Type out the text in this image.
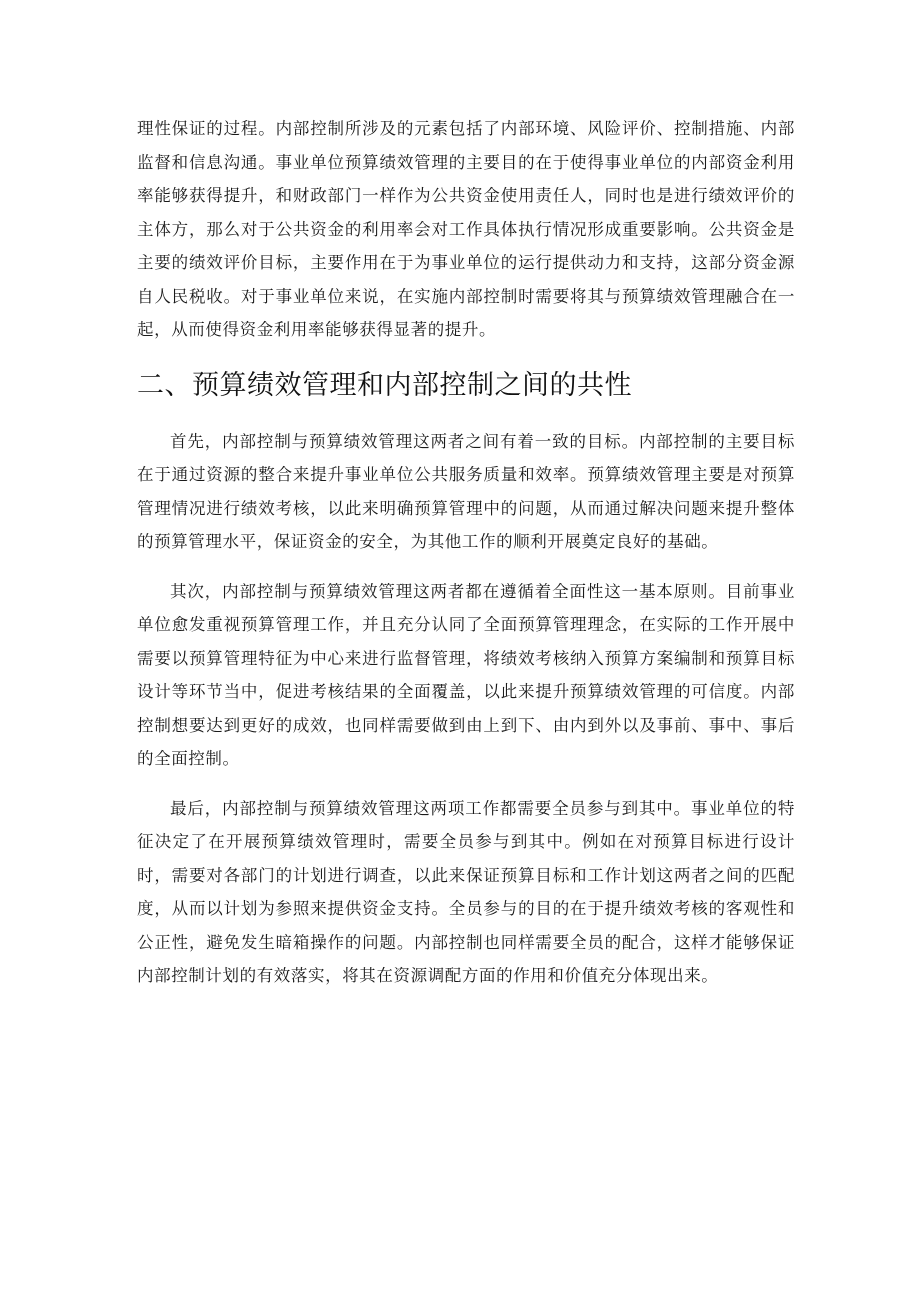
理性保证的过程。内部控制所涉及的元素包括了内部环境、风险评价、控制措施、内部监督和信息沟通。事业单位预算绩效管理的主要目的在于使得事业单位的内部资金利用率能够获得提升，和财政部门一样作为公共资金使用责任人，同时也是进行绩效评价的主体方，那么对于公共资金的利用率会对工作具体执行情况形成重要影响。公共资金是主要的绩效评价目标，主要作用在于为事业单位的运行提供动力和支持，这部分资金源自人民税收。对于事业单位来说，在实施内部控制时需要将其与预算绩效管理融合在一起，从而使得资金利用率能够获得显著的提升。

二、预算绩效管理和内部控制之间的共性

首先，内部控制与预算绩效管理这两者之间有着一致的目标。内部控制的主要目标在于通过资源的整合来提升事业单位公共服务质量和效率。预算绩效管理主要是对预算管理情况进行绩效考核，以此来明确预算管理中的问题，从而通过解决问题来提升整体的预算管理水平，保证资金的安全，为其他工作的顺利开展奠定良好的基础。

其次，内部控制与预算绩效管理这两者都在遵循着全面性这一基本原则。目前事业单位愈发重视预算管理工作，并且充分认同了全面预算管理理念，在实际的工作开展中需要以预算管理特征为中心来进行监督管理，将绩效考核纳入预算方案编制和预算目标设计等环节当中，促进考核结果的全面覆盖，以此来提升预算绩效管理的可信度。内部控制想要达到更好的成效，也同样需要做到由上到下、由内到外以及事前、事中、事后的全面控制。

最后，内部控制与预算绩效管理这两项工作都需要全员参与到其中。事业单位的特征决定了在开展预算绩效管理时，需要全员参与到其中。例如在对预算目标进行设计时，需要对各部门的计划进行调查，以此来保证预算目标和工作计划这两者之间的匹配度，从而以计划为参照来提供资金支持。全员参与的目的在于提升绩效考核的客观性和公正性，避免发生暗箱操作的问题。内部控制也同样需要全员的配合，这样才能够保证内部控制计划的有效落实，将其在资源调配方面的作用和价值充分体现出来。
